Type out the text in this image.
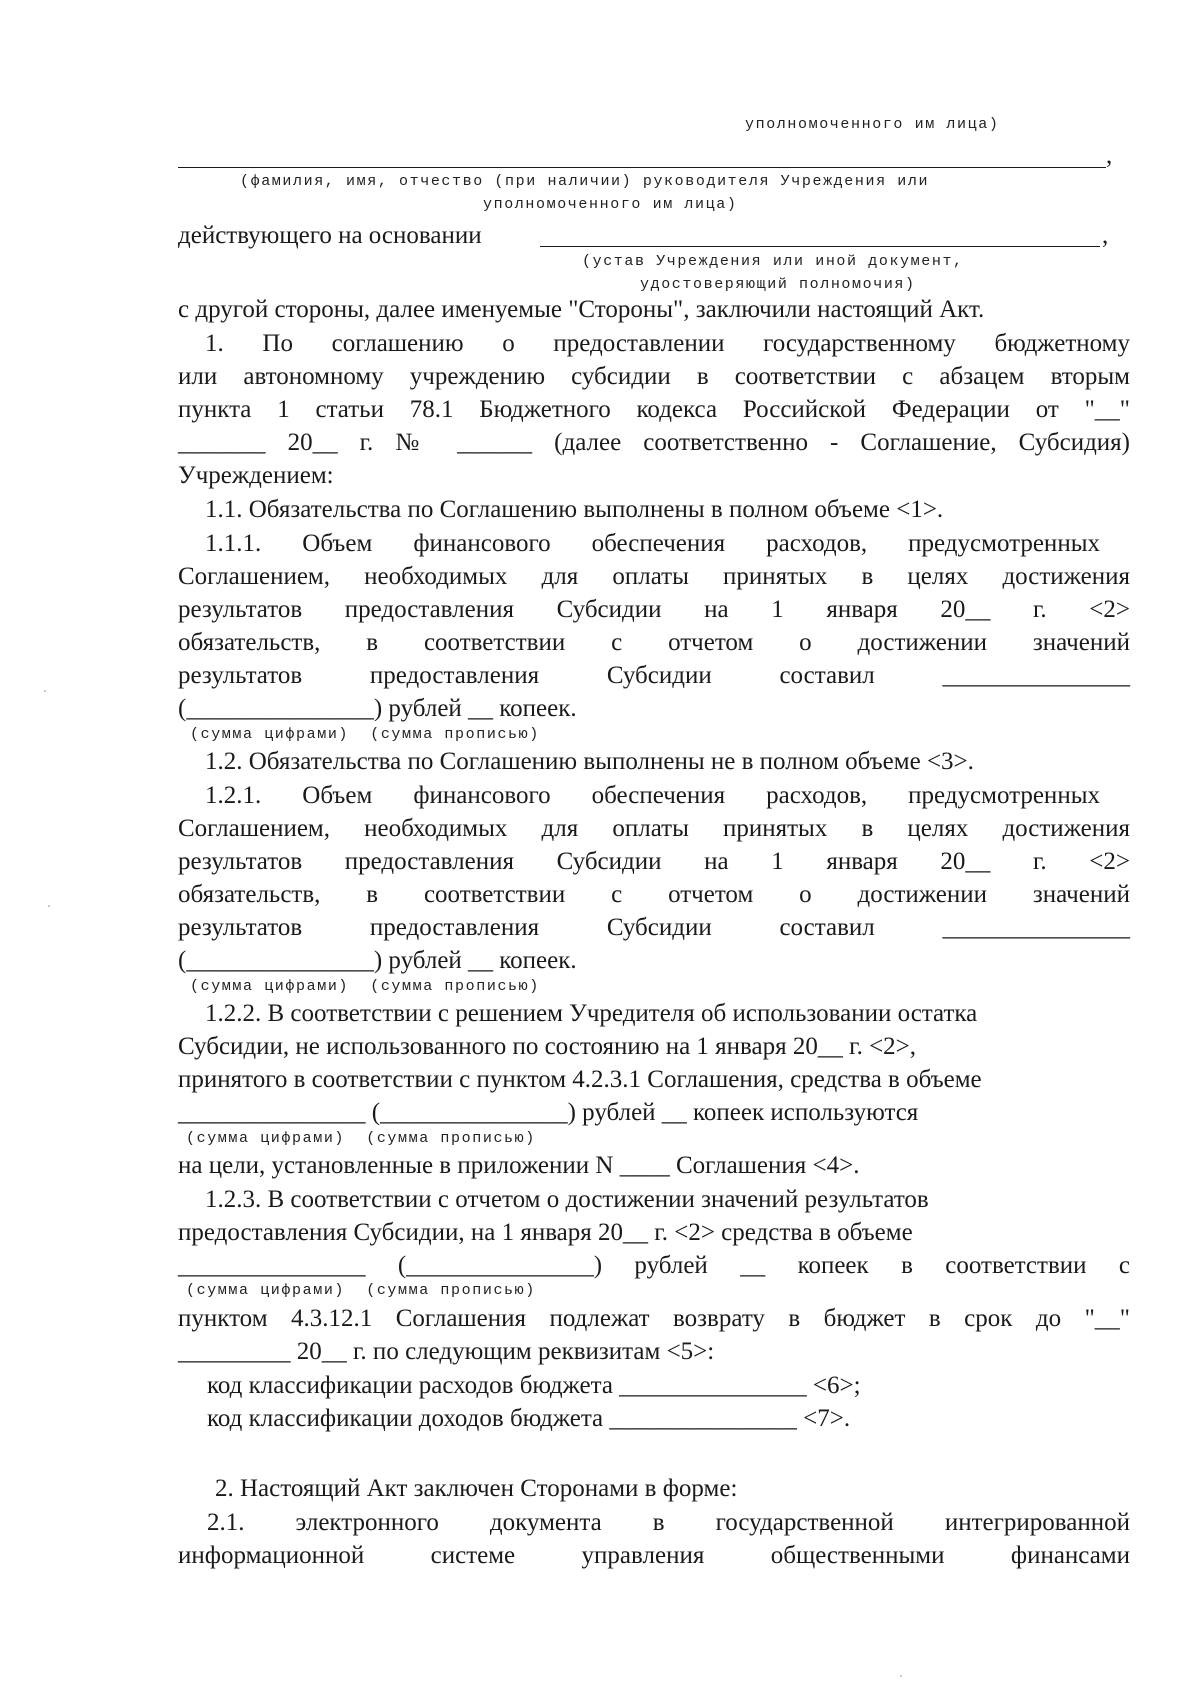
уполномоченного им лица)
,
(фамилия, имя, отчество (при наличии) руководителя Учреждения или
уполномоченного им лица)
действующего на основании	,
(устав Учреждения или иной документ,
удостоверяющий полномочия)
с другой стороны, далее именуемые "Стороны", заключили настоящий Акт.
1. По соглашению о предоставлении государственному бюджетному
или автономному учреждению субсидии в соответствии с абзацем вторым
пункта 1 статьи 78.1 Бюджетного кодекса Российской Федерации от "__"
_______ 20__ г. № ______ (далее соответственно - Соглашение, Субсидия)
Учреждением:
1.1. Обязательства по Соглашению выполнены в полном объеме <1>.
1.1.1. Объем финансового обеспечения расходов, предусмотренных
Соглашением, необходимых для оплаты принятых в целях достижения
результатов предоставления Субсидии на 1 января 20__ г. <2>
обязательств, в соответствии с отчетом о достижении значений
результатов предоставления Субсидии составил _______________
(_______________) рублей __ копеек.
(сумма цифрами)  (сумма прописью)
1.2. Обязательства по Соглашению выполнены не в полном объеме <3>.
1.2.1. Объем финансового обеспечения расходов, предусмотренных
Соглашением, необходимых для оплаты принятых в целях достижения
результатов предоставления Субсидии на 1 января 20__ г. <2>
обязательств, в соответствии с отчетом о достижении значений
результатов предоставления Субсидии составил _______________
(_______________) рублей __ копеек.
(сумма цифрами)  (сумма прописью)
1.2.2. В соответствии с решением Учредителя об использовании остатка
Субсидии, не использованного по состоянию на 1 января 20__ г. <2>,
принятого в соответствии с пунктом 4.2.3.1 Соглашения, средства в объеме
_______________ (_______________) рублей __ копеек используются
(сумма цифрами)  (сумма прописью)
на цели, установленные в приложении N ____ Соглашения <4>.
1.2.3. В соответствии с отчетом о достижении значений результатов
предоставления Субсидии, на 1 января 20__ г. <2> средства в объеме
_______________ (_______________) рублей __ копеек в соответствии с
(сумма цифрами)  (сумма прописью)
пунктом 4.3.12.1 Соглашения подлежат возврату в бюджет в срок до "__"
_________ 20__ г. по следующим реквизитам <5>:
код классификации расходов бюджета _______________ <6>;
код классификации доходов бюджета _______________ <7>.
2. Настоящий Акт заключен Сторонами в форме:
2.1. электронного документа в государственной интегрированной
информационной системе управления общественными финансами
